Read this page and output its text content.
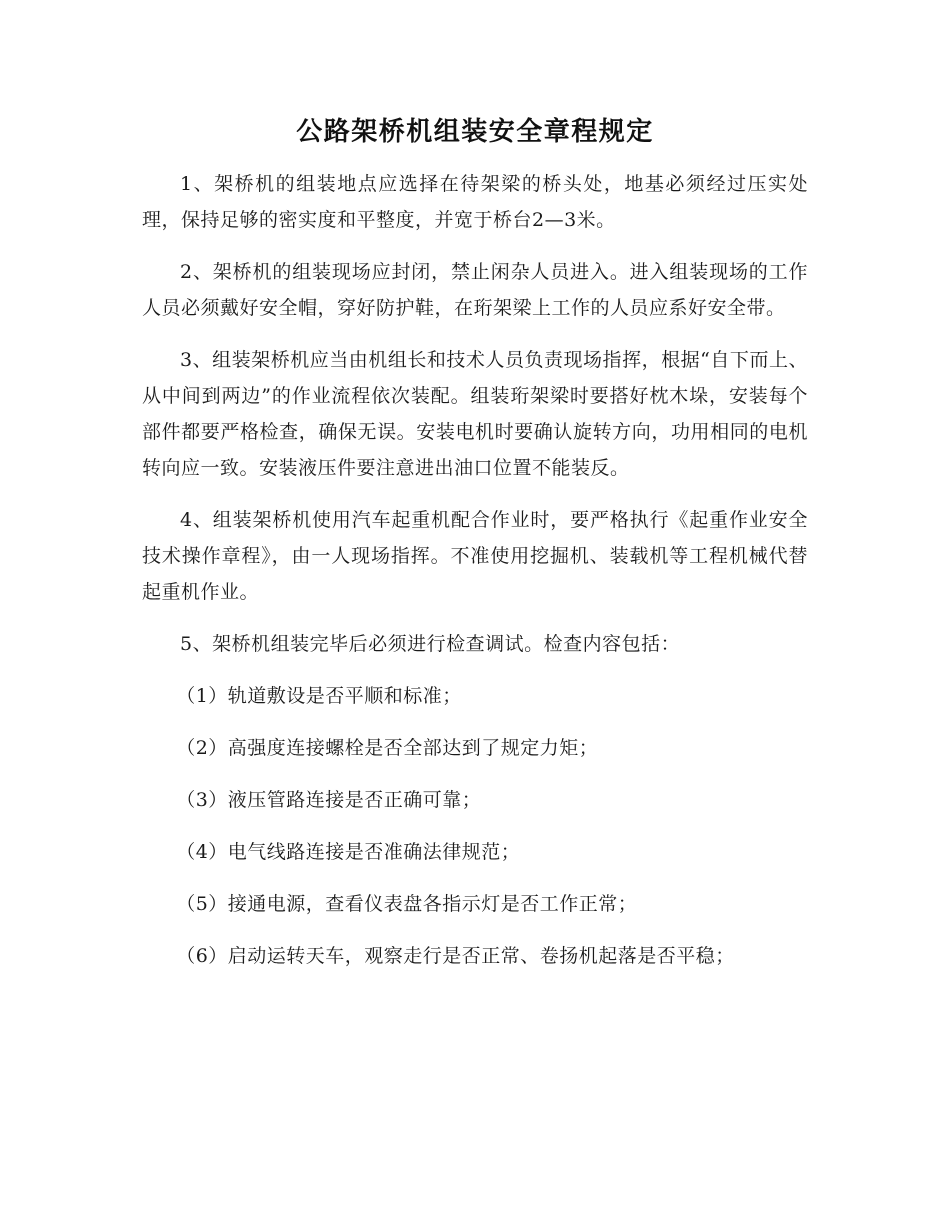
公路架桥机组装安全章程规定

1、架桥机的组装地点应选择在待架梁的桥头处，地基必须经过压实处理，保持足够的密实度和平整度，并宽于桥台2—3米。

2、架桥机的组装现场应封闭，禁止闲杂人员进入。进入组装现场的工作人员必须戴好安全帽，穿好防护鞋，在珩架梁上工作的人员应系好安全带。

3、组装架桥机应当由机组长和技术人员负责现场指挥，根据“自下而上、从中间到两边”的作业流程依次装配。组装珩架梁时要搭好枕木垛，安装每个部件都要严格检查，确保无误。安装电机时要确认旋转方向，功用相同的电机转向应一致。安装液压件要注意进出油口位置不能装反。

4、组装架桥机使用汽车起重机配合作业时，要严格执行《起重作业安全技术操作章程》，由一人现场指挥。不准使用挖掘机、装载机等工程机械代替起重机作业。

5、架桥机组装完毕后必须进行检查调试。检查内容包括：

（1）轨道敷设是否平顺和标准；

（2）高强度连接螺栓是否全部达到了规定力矩；

（3）液压管路连接是否正确可靠；

（4）电气线路连接是否准确法律规范；

（5）接通电源，查看仪表盘各指示灯是否工作正常；

（6）启动运转天车，观察走行是否正常、卷扬机起落是否平稳；
